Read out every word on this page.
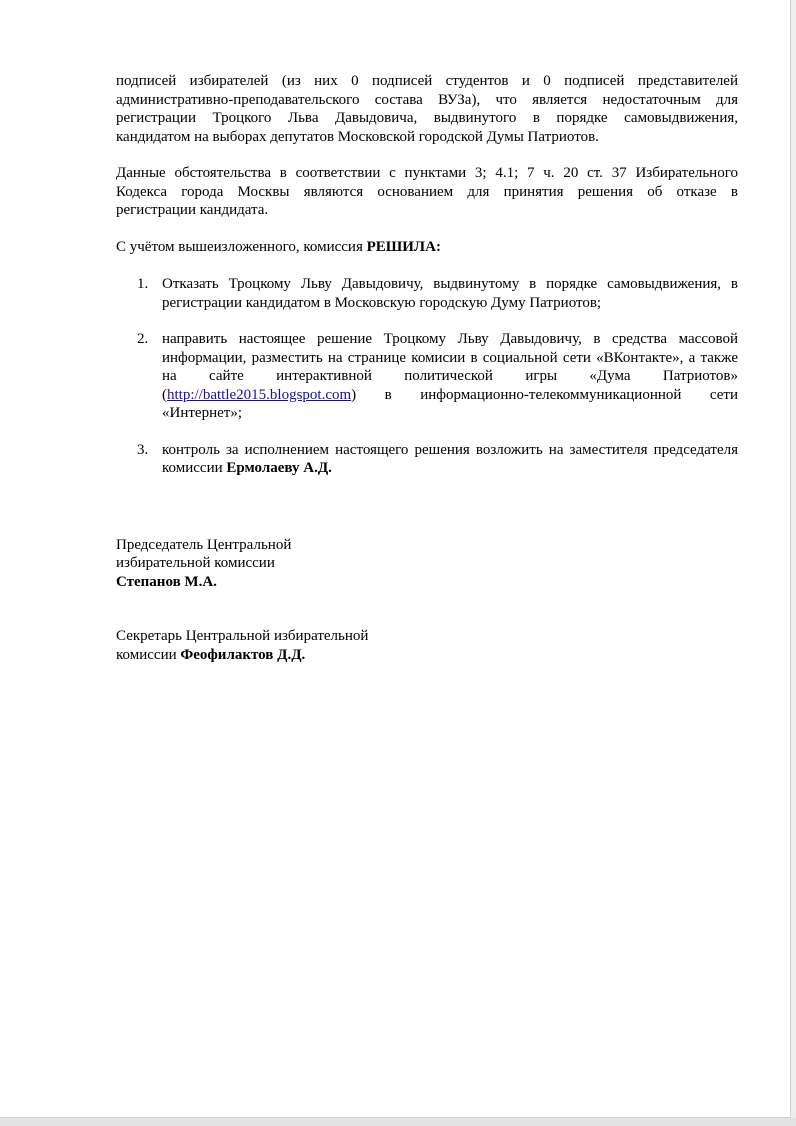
подписей избирателей (из них 0 подписей студентов и 0 подписей представителей

административно-преподавательского состава ВУЗа), что является недостаточным для

регистрации Троцкого Льва Давыдовича, выдвинутого в порядке самовыдвижения,

кандидатом на выборах депутатов Московской городской Думы Патриотов.

Данные обстоятельства в соответствии с пунктами 3; 4.1; 7 ч. 20 ст. 37 Избирательного

Кодекса города Москвы являются основанием для принятия решения об отказе в

регистрации кандидата.

С учётом вышеизложенного, комиссия РЕШИЛА:

1. Отказать Троцкому Льву Давыдовичу, выдвинутому в порядке самовыдвижения, в регистрации кандидатом в Московскую городскую Думу Патриотов;
2. направить настоящее решение Троцкому Льву Давыдовичу, в средства массовой информации, разместить на странице комисии в социальной сети «ВКонтакте», а также на сайте интерактивной политической игры «Дума Патриотов» (http://battle2015.blogspot.com) в информационно-телекоммуникационной сети «Интернет»;
3. контроль за исполнением настоящего решения возложить на заместителя председателя комиссии Ермолаеву А.Д.
Председатель Центральной
избирательной комиссии
Степанов М.А.
Секретарь Центральной избирательной
комиссии Феофилактов Д.Д.
